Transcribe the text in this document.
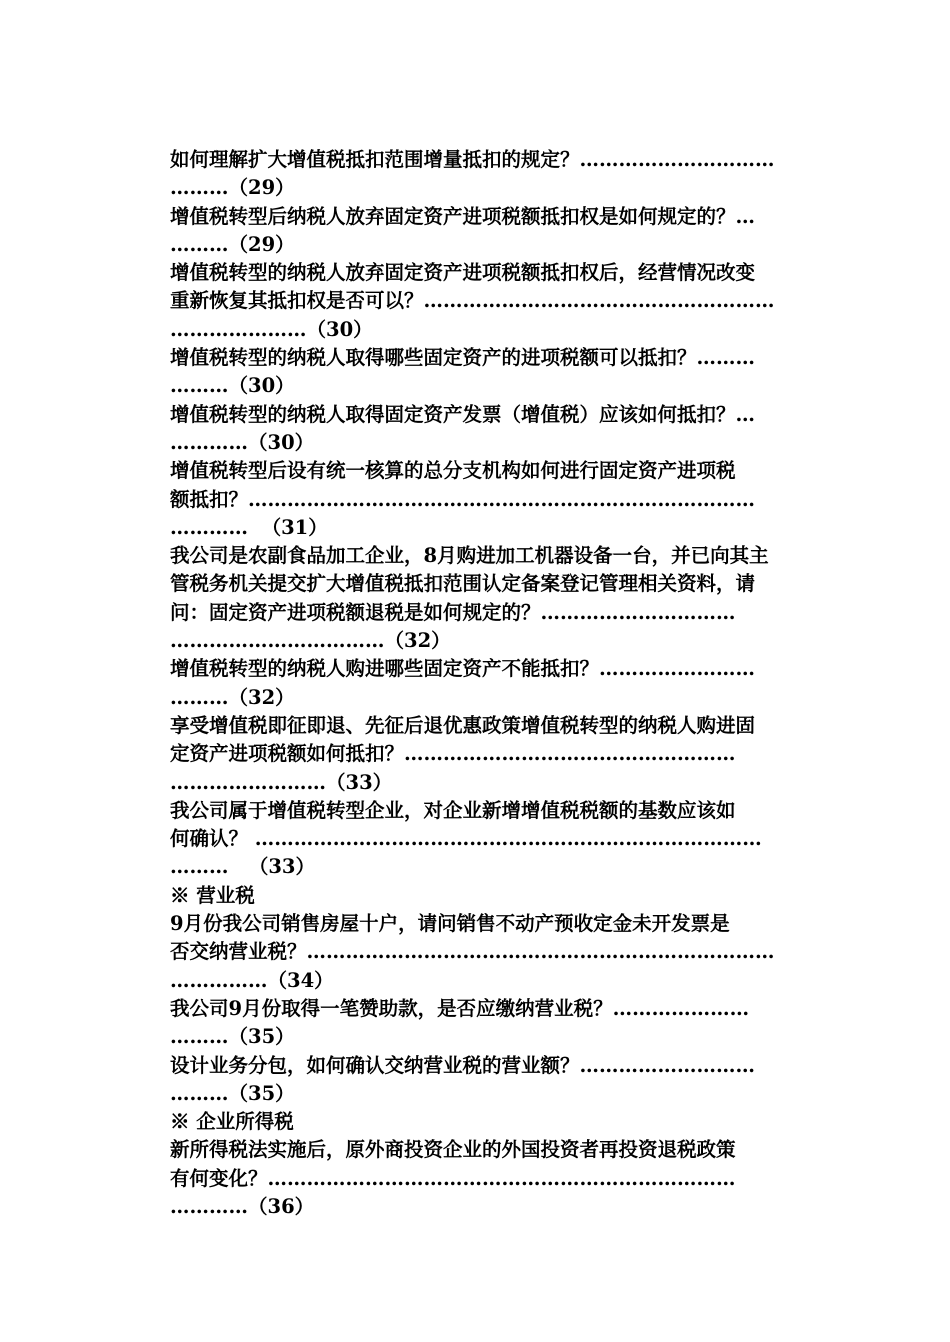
如何理解扩大增值税抵扣范围增量抵扣的规定？…………………………
………（29）
增值税转型后纳税人放弃固定资产进项税额抵扣权是如何规定的？…
………（29）
增值税转型的纳税人放弃固定资产进项税额抵扣权后，经营情况改变
重新恢复其抵扣权是否可以？………………………………………………
…………………（30）
增值税转型的纳税人取得哪些固定资产的进项税额可以抵扣？………
………（30）
增值税转型的纳税人取得固定资产发票（增值税）应该如何抵扣？…
…………（30）
增值税转型后设有统一核算的总分支机构如何进行固定资产进项税
额抵扣？……………………………………………………………………
…………  （31）
我公司是农副食品加工企业，8月购进加工机器设备一台，并已向其主
管税务机关提交扩大增值税抵扣范围认定备案登记管理相关资料，请
问：固定资产进项税额退税是如何规定的？…………………………
……………………………（32）
增值税转型的纳税人购进哪些固定资产不能抵扣？……………………
………（32）
享受增值税即征即退、先征后退优惠政策增值税转型的纳税人购进固
定资产进项税额如何抵扣？……………………………………………
……………………（33）
我公司属于增值税转型企业，对企业新增增值税税额的基数应该如
何确认？ ……………………………………………………………………
………   （33）
※ 营业税
9月份我公司销售房屋十户，请问销售不动产预收定金未开发票是
否交纳营业税？………………………………………………………………
……………（34）
我公司9月份取得一笔赞助款，是否应缴纳营业税？…………………
………（35）
设计业务分包，如何确认交纳营业税的营业额？………………………
………（35）
※ 企业所得税
新所得税法实施后，原外商投资企业的外国投资者再投资退税政策
有何变化？………………………………………………………………
…………（36）
